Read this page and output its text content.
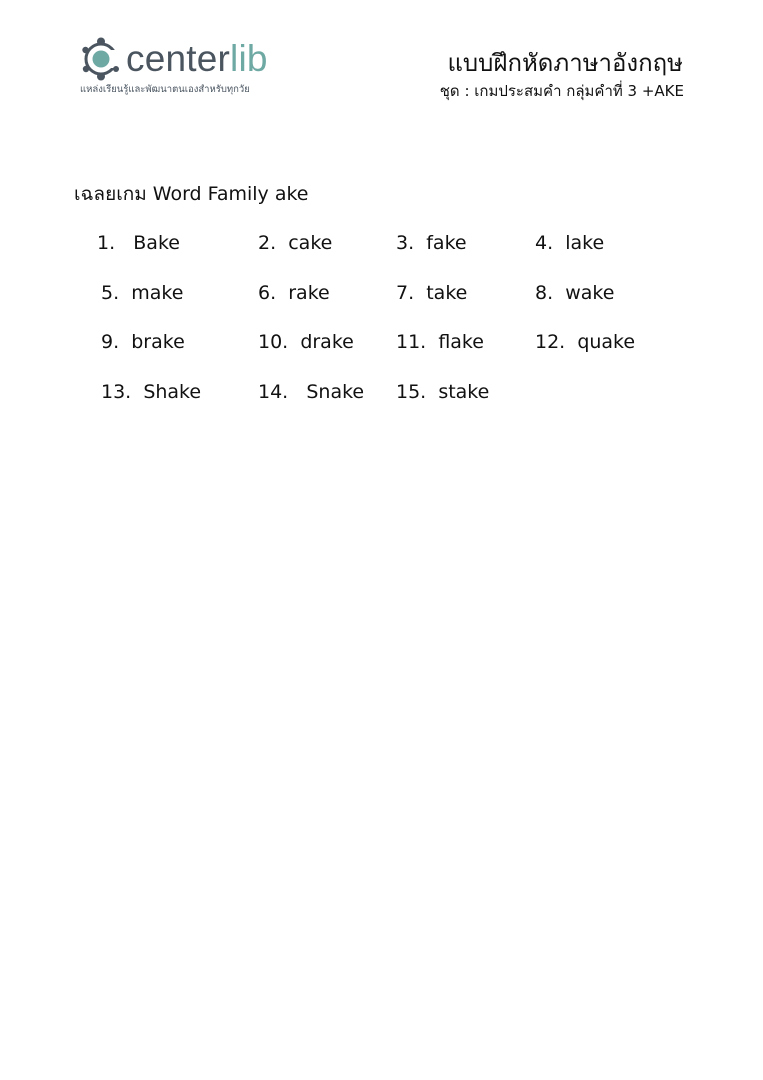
centerlib
แหล่งเรียนรู้และพัฒนาตนเองสำหรับทุกวัย
แบบฝึกหัดภาษาอังกฤษ
ชุด : เกมประสมคำ กลุ่มคำที่ 3 +AKE
เฉลยเกม Word Family ake
1. Bake	2. cake	3. fake	4. lake
5. make	6. rake	7. take	8. wake
9. brake	10. drake 11. flake	12. quake
13. Shake	14. Snake 15. stake
